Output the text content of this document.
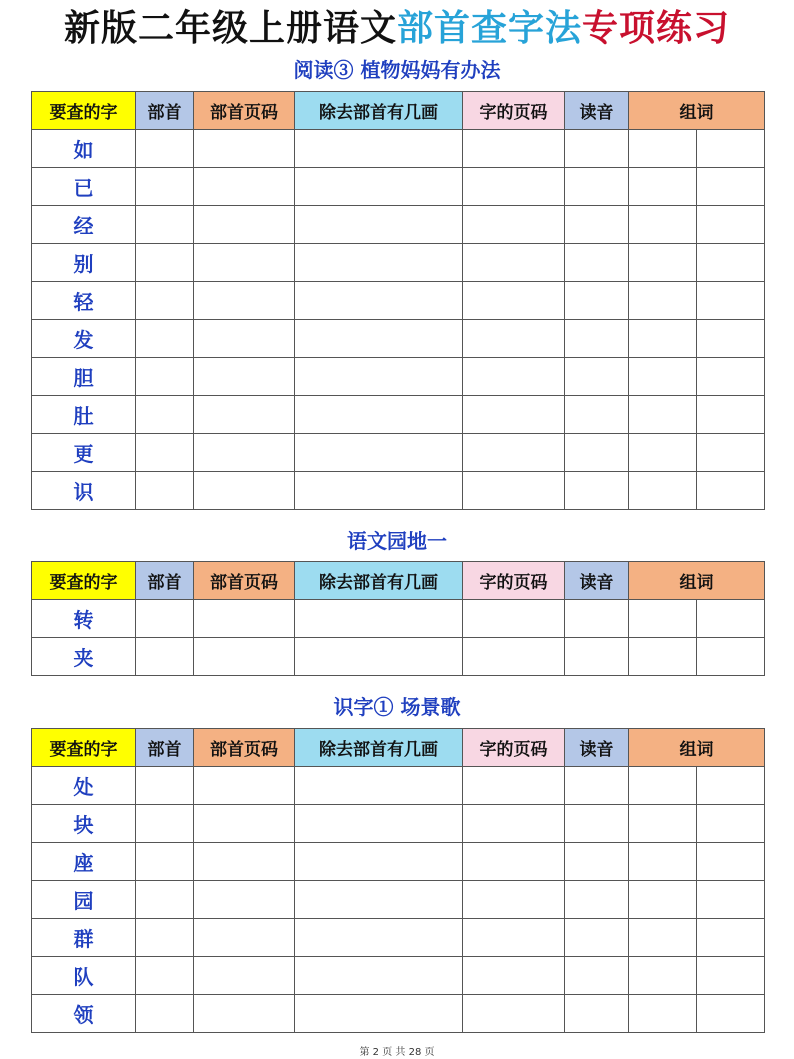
新版二年级上册语文部首查字法专项练习
阅读③ 植物妈妈有办法
要查的字	部首	部首页码	除去部首有几画	字的页码	读音	组词	
如							
已							
经							
别							
轻							
发							
胆							
肚							
更							
识							
语文园地一
要查的字	部首	部首页码	除去部首有几画	字的页码	读音	组词	
转							
夹							
识字① 场景歌
要查的字	部首	部首页码	除去部首有几画	字的页码	读音	组词	
处							
块							
座							
园							
群							
队							
领							
第 2 页 共 28 页
